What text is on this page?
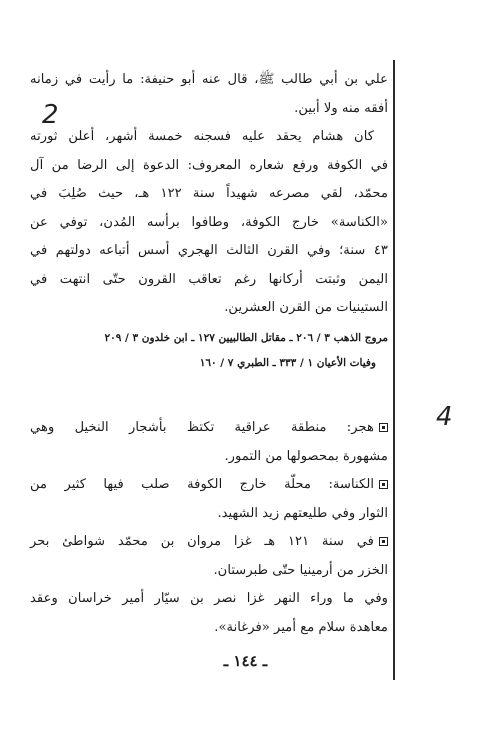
2
4
علي بن أبي طالب ﷺ، قال عنه أبو حنيفة: ما رأيت في زمانه
أفقه منه ولا أبين.
كان هشام يحقد عليه فسجنه خمسة أشهر، أعلن ثورته
في الكوفة ورفع شعاره المعروف: الدعوة إلى الرضا من آل
محمّد، لقي مصرعه شهيداً سنة ١٢٢ هـ، حيث صُلِبَ في
«الكناسة» خارج الكوفة، وطافوا برأسه المُدن، توفي عن
٤٣ سنة؛ وفي القرن الثالث الهجري أسس أتباعه دولتهم في
اليمن وثبتت أركانها رغم تعاقب القرون حتّى انتهت في
الستينيات من القرن العشرين.
مروج الذهب ٣ / ٢٠٦ ـ مقاتل الطالبيين ١٢٧ ـ ابن خلدون ٣ / ٢٠٩
وفيات الأعيان ١ / ٣٣٣ ـ الطبري ٧ / ١٦٠
هجر: منطقة عراقية تكتظ بأشجار النخيل وهي
مشهورة بمحصولها من التمور.
الكناسة: محلّة خارج الكوفة صلب فيها كثير من
الثوار وفي طليعتهم زيد الشهيد.
في سنة ١٢١ هـ غزا مروان بن محمّد شواطئ بحر
الخزر من أرمينيا حتّى طبرستان.
وفي ما وراء النهر غزا نصر بن سيّار أمير خراسان وعقد
معاهدة سلام مع أمير «فرغانة».
ـ ١٤٤ ـ
